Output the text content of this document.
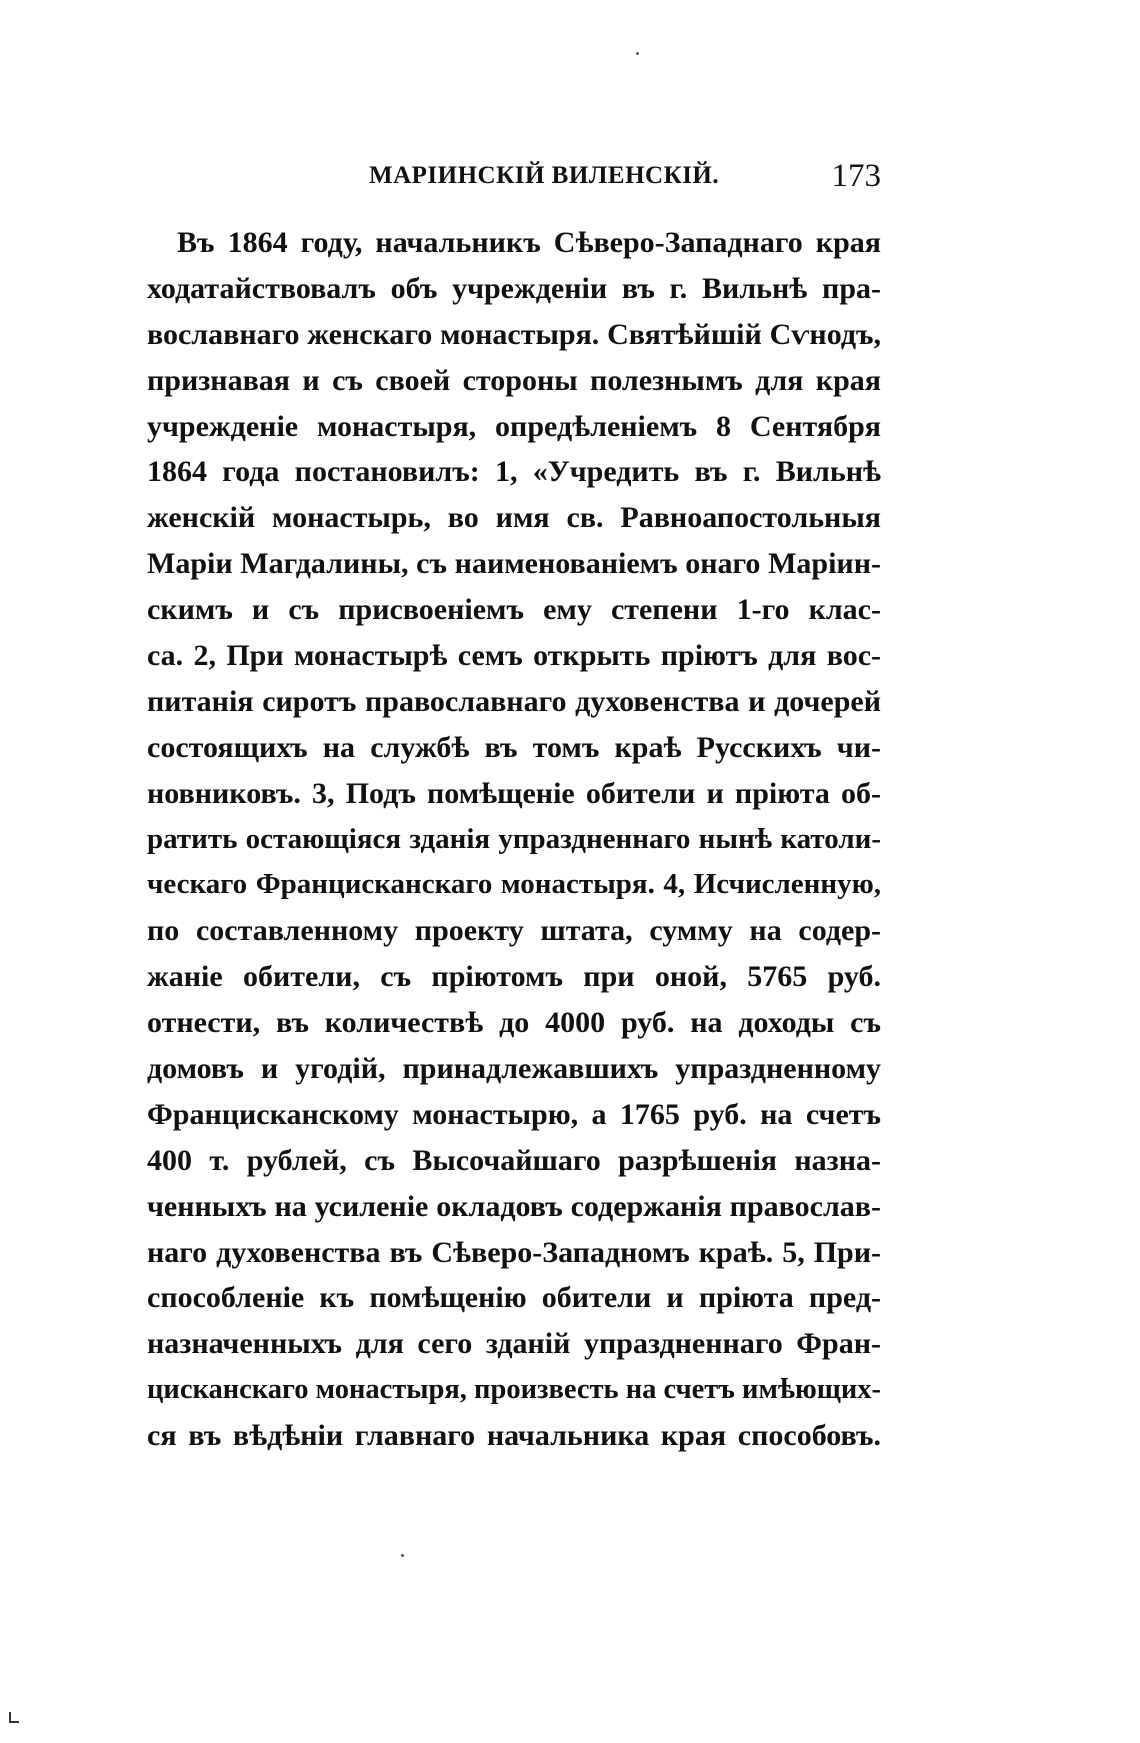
МАРІИНСКІЙ ВИЛЕНСКІЙ.	173
Въ 1864 году, начальникъ Сѣверо-Западнаго края
ходатайствовалъ объ учрежденіи въ г. Вильнѣ пра-
вославнаго женскаго монастыря. Святѣйшій Сѵнодъ,
признавая и съ своей стороны полезнымъ для края
учрежденіе монастыря, опредѣленіемъ 8 Сентября
1864 года постановилъ: 1, «Учредить въ г. Вильнѣ
женскій монастырь, во имя св. Равноапостольныя
Маріи Магдалины, съ наименованіемъ онаго Маріин-
скимъ и съ присвоеніемъ ему степени 1-го клас-
са. 2, При монастырѣ семъ открыть пріютъ для вос-
питанія сиротъ православнаго духовенства и дочерей
состоящихъ на службѣ въ томъ краѣ Русскихъ чи-
новниковъ. 3, Подъ помѣщеніе обители и пріюта об-
ратить остающіяся зданія упраздненнаго нынѣ католи-
ческаго Францисканскаго монастыря. 4, Исчисленную,
по составленному проекту штата, сумму на содер-
жаніе обители, съ пріютомъ при оной, 5765 руб.
отнести, въ количествѣ до 4000 руб. на доходы съ
домовъ и угодій, принадлежавшихъ упраздненному
Францисканскому монастырю, а 1765 руб. на счетъ
400 т. рублей, съ Высочайшаго разрѣшенія назна-
ченныхъ на усиленіе окладовъ содержанія православ-
наго духовенства въ Сѣверо-Западномъ краѣ. 5, При-
способленіе къ помѣщенію обители и пріюта пред-
назначенныхъ для сего зданій упраздненнаго Фран-
цисканскаго монастыря, произвесть на счетъ имѣющих-
ся въ вѣдѣніи главнаго начальника края способовъ.
